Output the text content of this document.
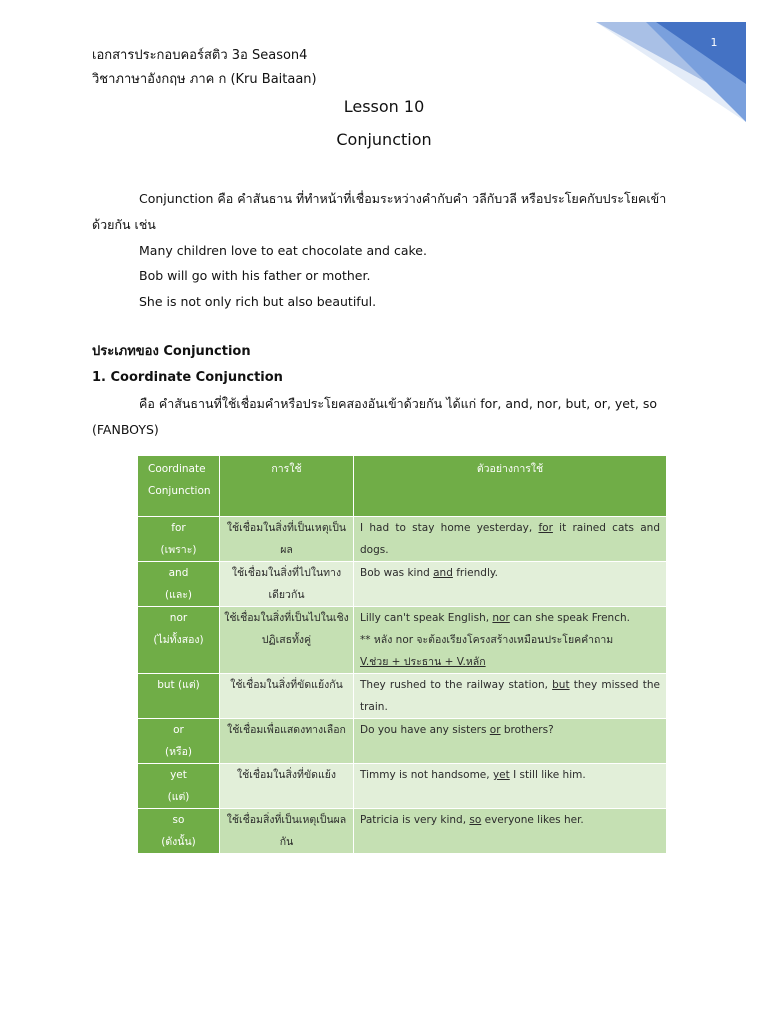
1
เอกสารประกอบคอร์สติว 3อ Season4
วิชาภาษาอังกฤษ ภาค ก (Kru Baitaan)
Lesson 10
Conjunction

Conjunction คือ คำสันธาน ที่ทำหน้าที่เชื่อมระหว่างคำกับคำ วลีกับวลี หรือประโยคกับประโยคเข้าด้วยกัน เช่น

Many children love to eat chocolate and cake.
Bob will go with his father or mother.
She is not only rich but also beautiful.
ประเภทของ Conjunction
1. Coordinate Conjunction

คือ คำสันธานที่ใช้เชื่อมคำหรือประโยคสองอันเข้าด้วยกัน ได้แก่ for, and, nor, but, or, yet, so (FANBOYS)

Coordinate
Conjunction	การใช้	ตัวอย่างการใช้

for
(เพราะ)	ใช้เชื่อมในสิ่งที่เป็นเหตุเป็นผล	I had to stay home yesterday, for it rained cats and dogs.

and
(และ)	ใช้เชื่อมในสิ่งที่ไปในทางเดียวกัน	Bob was kind and friendly.

nor
(ไม่ทั้งสอง)	ใช้เชื่อมในสิ่งที่เป็นไปในเชิงปฏิเสธทั้งคู่	Lilly can't speak English, nor can she speak French.
** หลัง nor จะต้องเรียงโครงสร้างเหมือนประโยคคำถาม
V.ช่วย + ประธาน + V.หลัก

but (แต่)	ใช้เชื่อมในสิ่งที่ขัดแย้งกัน	They rushed to the railway station, but they missed the train.

or
(หรือ)	ใช้เชื่อมเพื่อแสดงทางเลือก	Do you have any sisters or brothers?

yet
(แต่)	ใช้เชื่อมในสิ่งที่ขัดแย้ง	Timmy is not handsome, yet I still like him.

so
(ดังนั้น)	ใช้เชื่อมสิ่งที่เป็นเหตุเป็นผลกัน	Patricia is very kind, so everyone likes her.
